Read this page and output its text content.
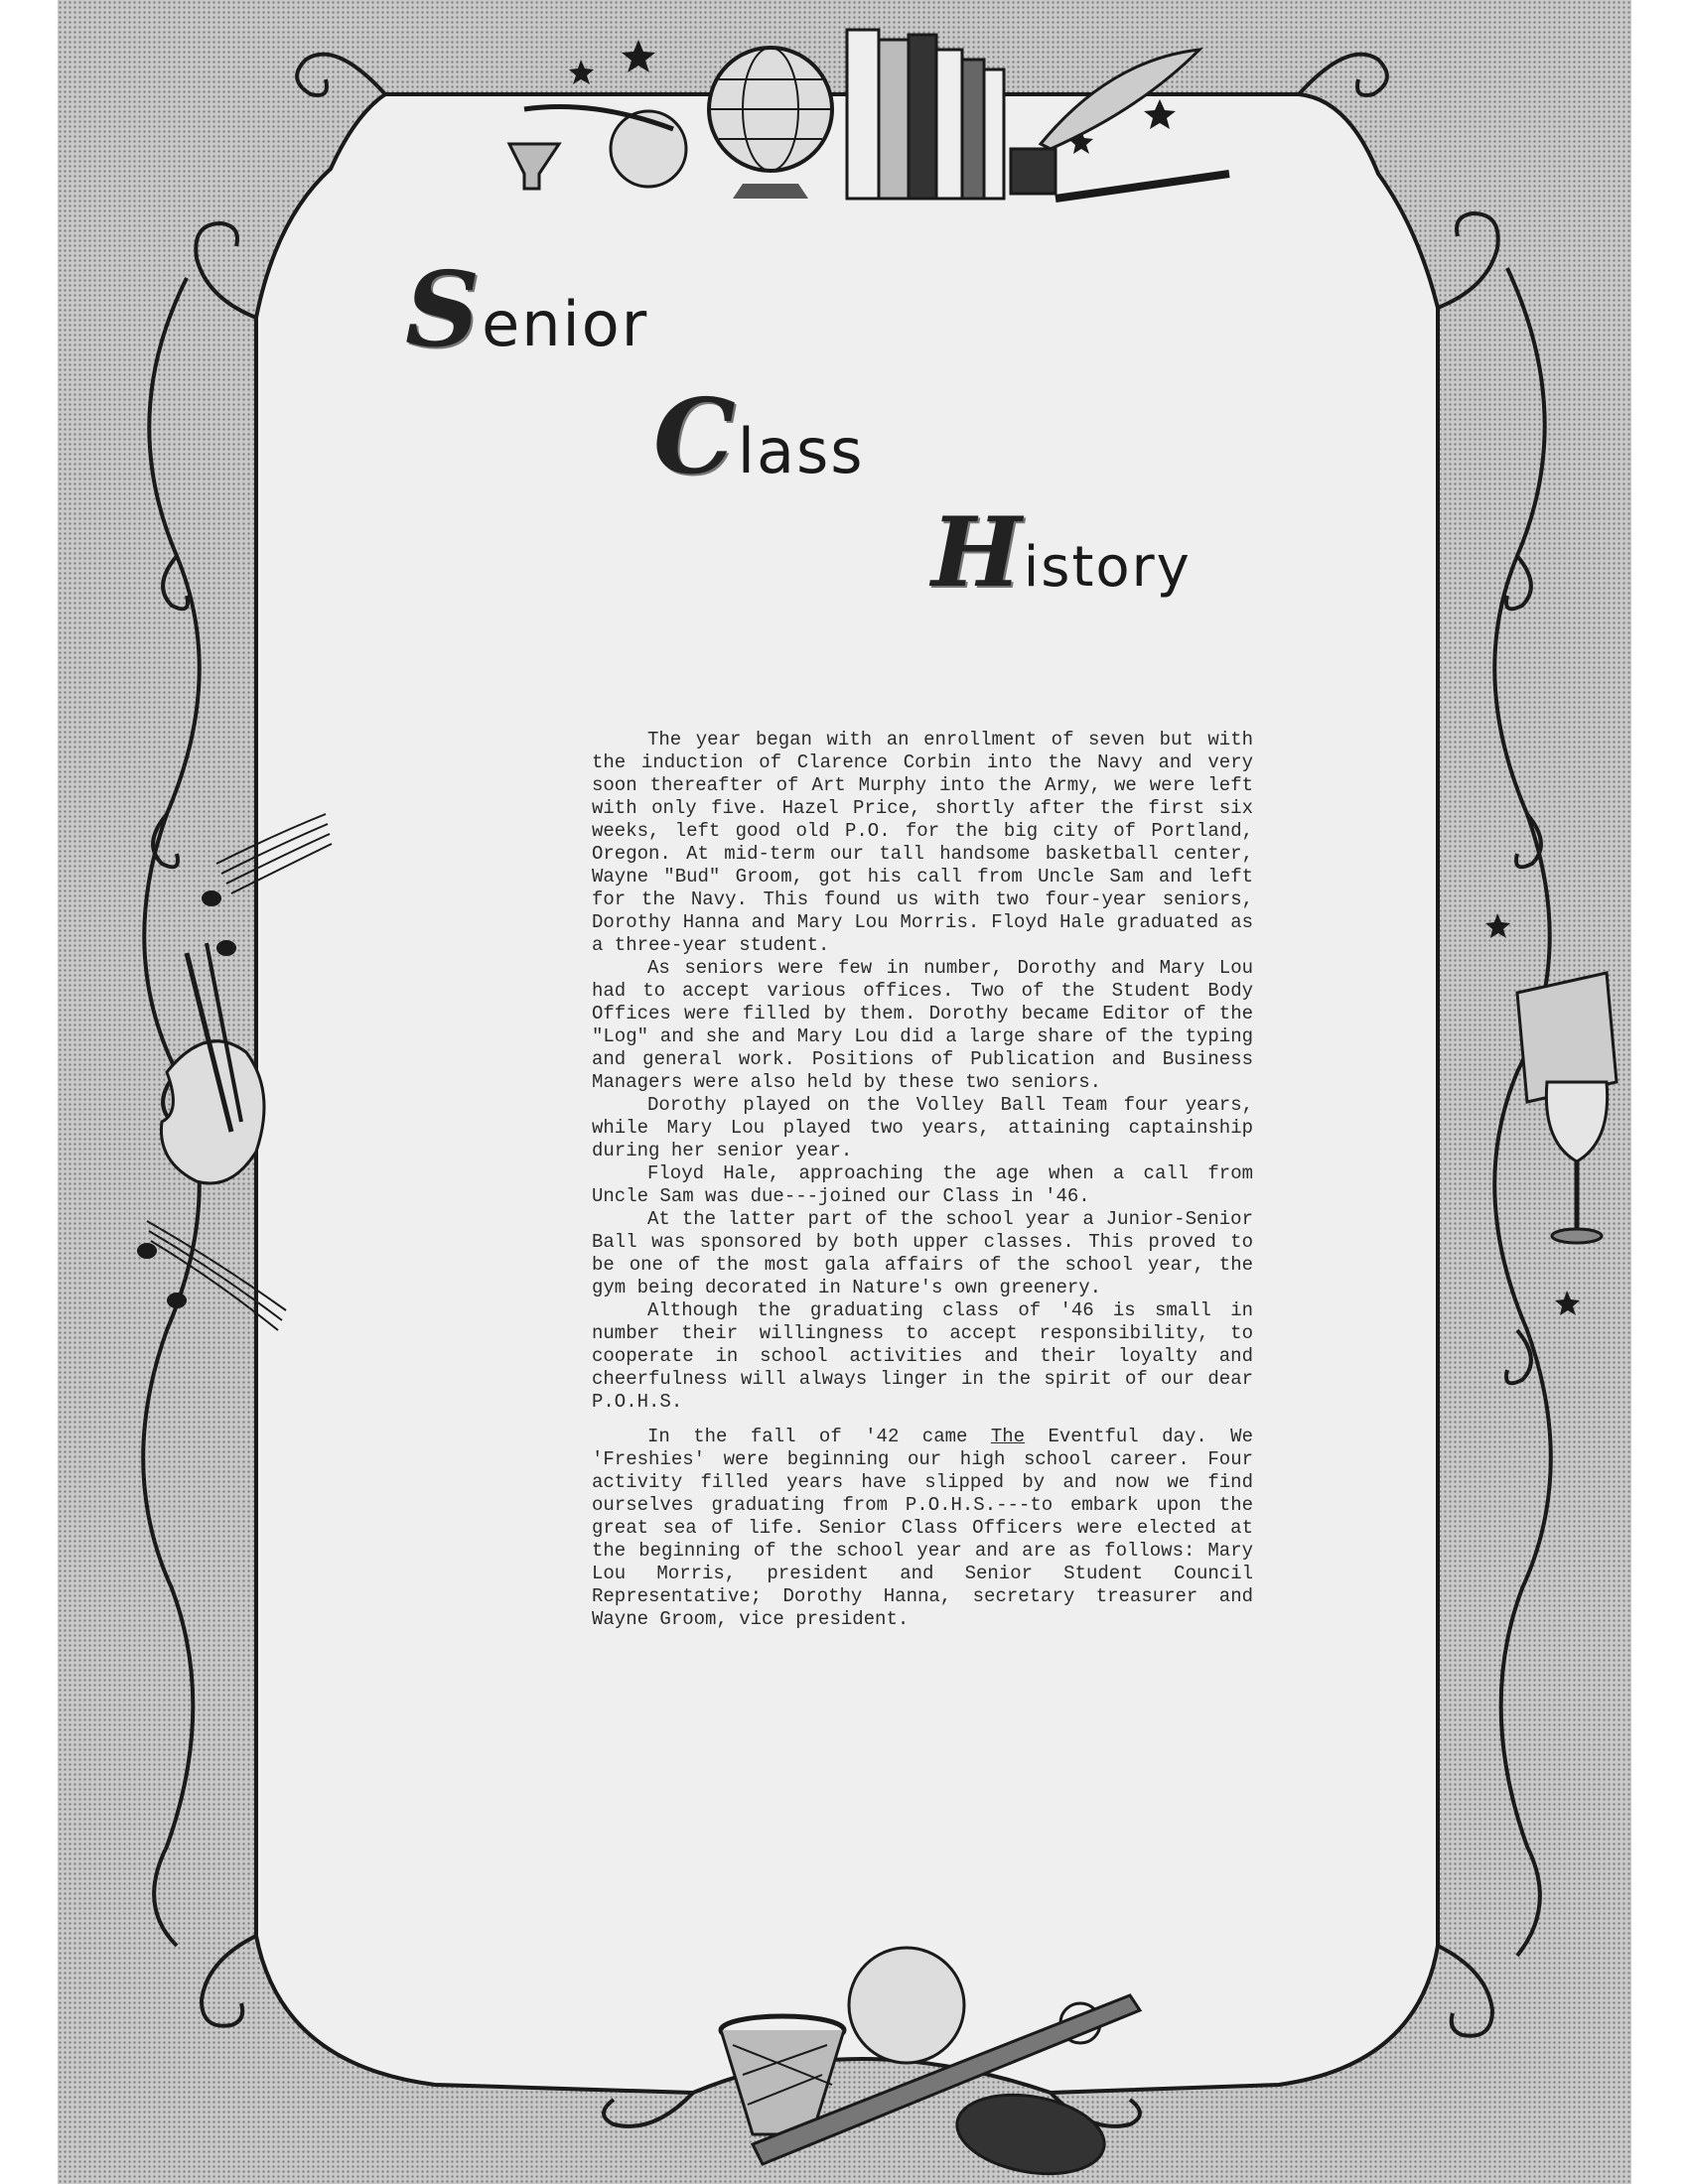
Senior
Class
History

The year began with an enrollment of seven but with the induction of Clarence Corbin into the Navy and very soon thereafter of Art Murphy into the Army, we were left with only five. Hazel Price, shortly after the first six weeks, left good old P.O. for the big city of Portland, Oregon. At mid-term our tall handsome basketball center, Wayne "Bud" Groom, got his call from Uncle Sam and left for the Navy. This found us with two four-year seniors, Dorothy Hanna and Mary Lou Morris. Floyd Hale graduated as a three-year student.

As seniors were few in number, Dorothy and Mary Lou had to accept various offices. Two of the Student Body Offices were filled by them. Dorothy became Editor of the "Log" and she and Mary Lou did a large share of the typing and general work. Positions of Publication and Business Managers were also held by these two seniors.

Dorothy played on the Volley Ball Team four years, while Mary Lou played two years, attaining captainship during her senior year.

Floyd Hale, approaching the age when a call from Uncle Sam was due---joined our Class in '46.

At the latter part of the school year a Junior-Senior Ball was sponsored by both upper classes. This proved to be one of the most gala affairs of the school year, the gym being decorated in Nature's own greenery.

Although the graduating class of '46 is small in number their willingness to accept responsibility, to cooperate in school activities and their loyalty and cheerfulness will always linger in the spirit of our dear P.O.H.S.

In the fall of '42 came The Eventful day. We 'Freshies' were beginning our high school career. Four activity filled years have slipped by and now we find ourselves graduating from P.O.H.S.---to embark upon the great sea of life. Senior Class Officers were elected at the beginning of the school year and are as follows: Mary Lou Morris, president and Senior Student Council Representative; Dorothy Hanna, secretary treasurer and Wayne Groom, vice president.
